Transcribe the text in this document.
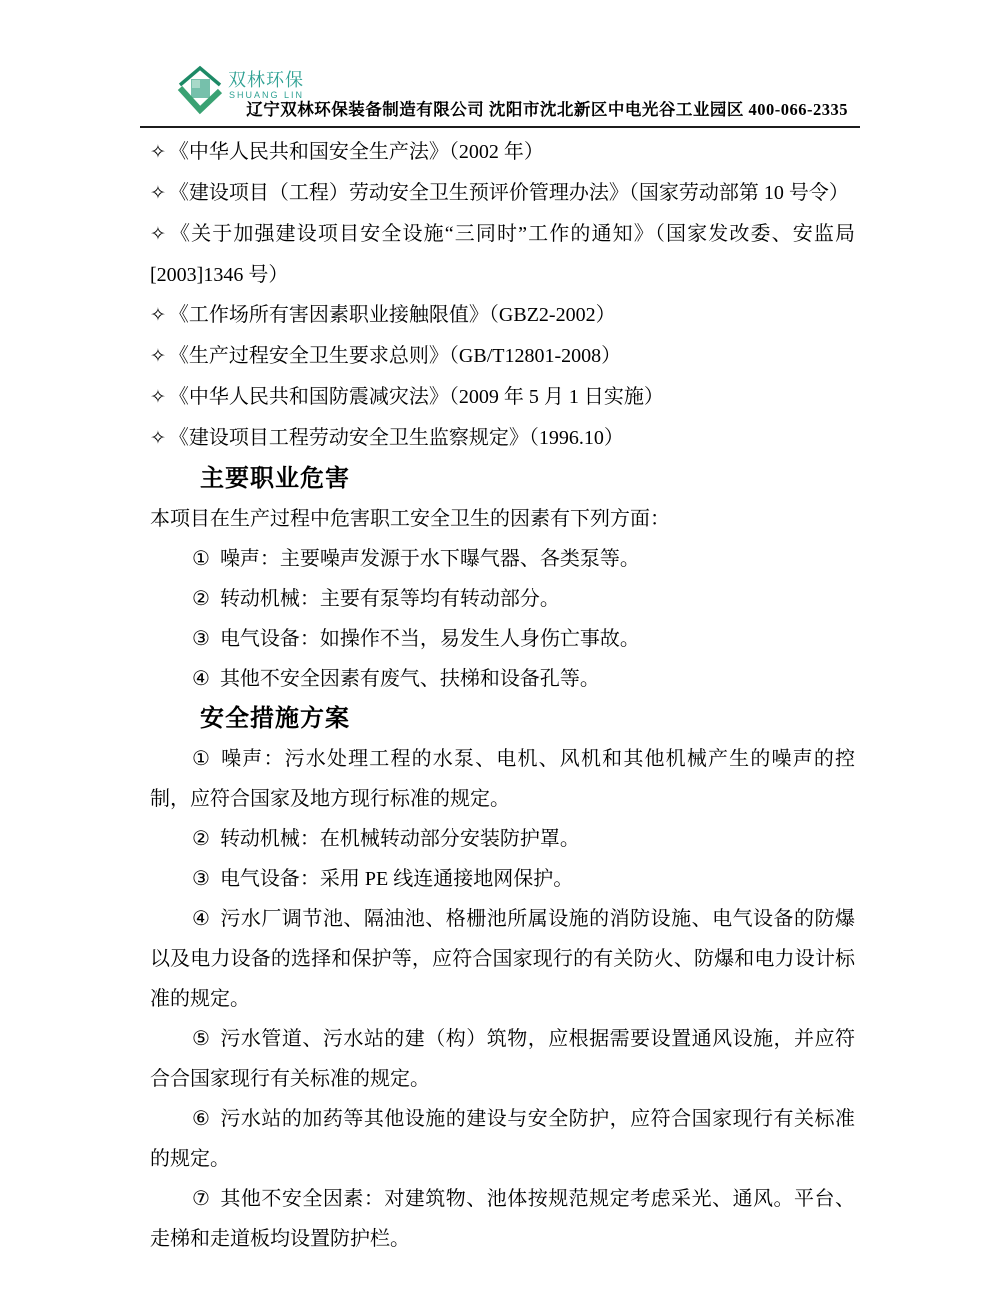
双林环保
SHUANG LIN
辽宁双林环保装备制造有限公司 沈阳市沈北新区中电光谷工业园区 400-066-2335

✧ 《中华人民共和国安全生产法》（2002 年）

✧ 《建设项目（工程）劳动安全卫生预评价管理办法》（国家劳动部第 10 号令）

✧ 《关于加强建设项目安全设施“三同时”工作的通知》（国家发改委、安监局[2003]1346 号）

✧ 《工作场所有害因素职业接触限值》（GBZ2-2002）

✧ 《生产过程安全卫生要求总则》（GB/T12801-2008）

✧ 《中华人民共和国防震减灾法》（2009 年 5 月 1 日实施）

✧ 《建设项目工程劳动安全卫生监察规定》（1996.10）

主要职业危害

本项目在生产过程中危害职工安全卫生的因素有下列方面：

① 噪声：主要噪声发源于水下曝气器、各类泵等。

② 转动机械：主要有泵等均有转动部分。

③ 电气设备：如操作不当，易发生人身伤亡事故。

④ 其他不安全因素有废气、扶梯和设备孔等。

安全措施方案

① 噪声：污水处理工程的水泵、电机、风机和其他机械产生的噪声的控制，应符合国家及地方现行标准的规定。

② 转动机械：在机械转动部分安装防护罩。

③ 电气设备：采用 PE 线连通接地网保护。

④ 污水厂调节池、隔油池、格栅池所属设施的消防设施、电气设备的防爆以及电力设备的选择和保护等，应符合国家现行的有关防火、防爆和电力设计标准的规定。

⑤ 污水管道、污水站的建（构）筑物，应根据需要设置通风设施，并应符合合国家现行有关标准的规定。

⑥ 污水站的加药等其他设施的建设与安全防护，应符合国家现行有关标准的规定。

⑦ 其他不安全因素：对建筑物、池体按规范规定考虑采光、通风。平台、走梯和走道板均设置防护栏。
